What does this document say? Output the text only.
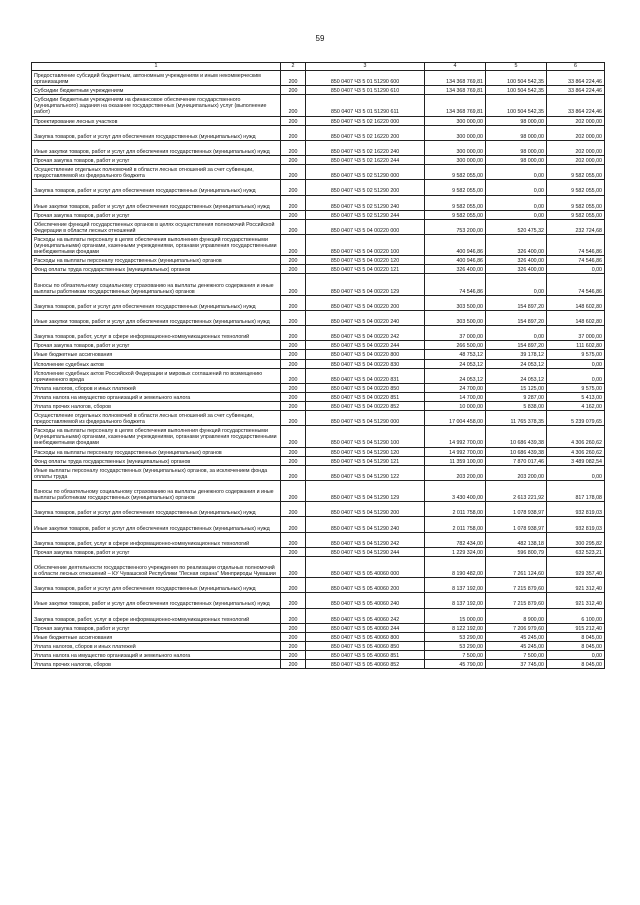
59
1	2	3	4	5	6
Предоставление субсидий бюджетным, автономным учреждениям и иным некоммерческим организациям	200	850 0407 Ч3 5 01 51290 600	134 368 769,81	100 504 542,35	33 864 224,46
Субсидии бюджетным учреждениям	200	850 0407 Ч3 5 01 51290 610	134 368 769,81	100 504 542,35	33 864 224,46
Субсидии бюджетным учреждениям на финансовое обеспечение государственного (муниципального) задания на оказание государственных (муниципальных) услуг (выполнение работ)	200	850 0407 Ч3 5 01 51290 611	134 368 769,81	100 504 542,35	33 864 224,46
Проектирование лесных участков	200	850 0407 Ч3 5 02 16220 000	300 000,00	98 000,00	202 000,00
Закупка товаров, работ и услуг для обеспечения государственных (муниципальных) нужд	200	850 0407 Ч3 5 02 16220 200	300 000,00	98 000,00	202 000,00
Иные закупки товаров, работ и услуг для обеспечения государственных (муниципальных) нужд	200	850 0407 Ч3 5 02 16220 240	300 000,00	98 000,00	202 000,00
Прочая закупка товаров, работ и услуг	200	850 0407 Ч3 5 02 16220 244	300 000,00	98 000,00	202 000,00
Осуществление отдельных полномочий в области лесных отношений за счет субвенции, предоставляемой из федерального бюджета	200	850 0407 Ч3 5 02 51290 000	9 582 055,00	0,00	9 582 055,00
Закупка товаров, работ и услуг для обеспечения государственных (муниципальных) нужд	200	850 0407 Ч3 5 02 51290 200	9 582 055,00	0,00	9 582 055,00
Иные закупки товаров, работ и услуг для обеспечения государственных (муниципальных) нужд	200	850 0407 Ч3 5 02 51290 240	9 582 055,00	0,00	9 582 055,00
Прочая закупка товаров, работ и услуг	200	850 0407 Ч3 5 02 51290 244	9 582 055,00	0,00	9 582 055,00
Обеспечение функций государственных органов в целях осуществления полномочий Российской Федерации в области лесных отношений	200	850 0407 Ч3 5 04 00220 000	753 200,00	520 475,32	232 724,68
Расходы на выплаты персоналу в целях обеспечения выполнения функций государственными (муниципальными) органами, казенными учреждениями, органами управления государственными внебюджетными фондами	200	850 0407 Ч3 5 04 00220 100	400 946,86	326 400,00	74 546,86
Расходы на выплаты персоналу государственных (муниципальных) органов	200	850 0407 Ч3 5 04 00220 120	400 946,86	326 400,00	74 546,86
Фонд оплаты труда государственных (муниципальных) органов	200	850 0407 Ч3 5 04 00220 121	326 400,00	326 400,00	0,00
Взносы по обязательному социальному страхованию на выплаты денежного содержания и иные выплаты работникам государственных (муниципальных) органов	200	850 0407 Ч3 5 04 00220 129	74 546,86	0,00	74 546,86
Закупка товаров, работ и услуг для обеспечения государственных (муниципальных) нужд	200	850 0407 Ч3 5 04 00220 200	303 500,00	154 897,20	148 602,80
Иные закупки товаров, работ и услуг для обеспечения государственных (муниципальных) нужд	200	850 0407 Ч3 5 04 00220 240	303 500,00	154 897,20	148 602,80
Закупка товаров, работ, услуг в сфере информационно-коммуникационных технологий	200	850 0407 Ч3 5 04 00220 242	37 000,00	0,00	37 000,00
Прочая закупка товаров, работ и услуг	200	850 0407 Ч3 5 04 00220 244	266 500,00	154 897,20	111 602,80
Иные бюджетные ассигнования	200	850 0407 Ч3 5 04 00220 800	48 753,12	39 178,12	9 575,00
Исполнение судебных актов	200	850 0407 Ч3 5 04 00220 830	24 053,12	24 053,12	0,00
Исполнение судебных актов Российской Федерации и мировых соглашений по возмещению причиненного вреда	200	850 0407 Ч3 5 04 00220 831	24 053,12	24 053,12	0,00
Уплата налогов, сборов и иных платежей	200	850 0407 Ч3 5 04 00220 850	24 700,00	15 125,00	9 575,00
Уплата налога на имущество организаций и земельного налога	200	850 0407 Ч3 5 04 00220 851	14 700,00	9 287,00	5 413,00
Уплата прочих налогов, сборов	200	850 0407 Ч3 5 04 00220 852	10 000,00	5 838,00	4 162,00
Осуществление отдельных полномочий в области лесных отношений за счет субвенции, предоставляемой из федерального бюджета	200	850 0407 Ч3 5 04 51290 000	17 004 458,00	11 765 378,35	5 239 079,65
Расходы на выплаты персоналу в целях обеспечения выполнения функций государственными (муниципальными) органами, казенными учреждениями, органами управления государственными внебюджетными фондами	200	850 0407 Ч3 5 04 51290 100	14 992 700,00	10 686 439,38	4 306 260,62
Расходы на выплаты персоналу государственных (муниципальных) органов	200	850 0407 Ч3 5 04 51290 120	14 992 700,00	10 686 439,38	4 306 260,62
Фонд оплаты труда государственных (муниципальных) органов	200	850 0407 Ч3 5 04 51290 121	11 359 100,00	7 870 017,46	3 489 082,54
Иные выплаты персоналу государственных (муниципальных) органов, за исключением фонда оплаты труда	200	850 0407 Ч3 5 04 51290 122	203 200,00	203 200,00	0,00
Взносы по обязательному социальному страхованию на выплаты денежного содержания и иные выплаты работникам государственных (муниципальных) органов	200	850 0407 Ч3 5 04 51290 129	3 430 400,00	2 613 221,92	817 178,08
Закупка товаров, работ и услуг для обеспечения государственных (муниципальных) нужд	200	850 0407 Ч3 5 04 51290 200	2 011 758,00	1 078 938,97	932 819,03
Иные закупки товаров, работ и услуг для обеспечения государственных (муниципальных) нужд	200	850 0407 Ч3 5 04 51290 240	2 011 758,00	1 078 938,97	932 819,03
Закупка товаров, работ, услуг в сфере информационно-коммуникационных технологий	200	850 0407 Ч3 5 04 51290 242	782 434,00	482 138,18	300 295,82
Прочая закупка товаров, работ и услуг	200	850 0407 Ч3 5 04 51290 244	1 229 324,00	596 800,79	632 523,21
Обеспечение деятельности государственного учреждения по реализации отдельных полномочий в области лесных отношений – КУ Чувашской Республики "Лесная охрана" Минприроды Чувашии	200	850 0407 Ч3 5 05 40060 000	8 190 482,00	7 261 124,60	929 357,40
Закупка товаров, работ и услуг для обеспечения государственных (муниципальных) нужд	200	850 0407 Ч3 5 05 40060 200	8 137 192,00	7 215 879,60	921 312,40
Иные закупки товаров, работ и услуг для обеспечения государственных (муниципальных) нужд	200	850 0407 Ч3 5 05 40060 240	8 137 192,00	7 215 879,60	921 312,40
Закупка товаров, работ, услуг в сфере информационно-коммуникационных технологий	200	850 0407 Ч3 5 05 40060 242	15 000,00	8 900,00	6 100,00
Прочая закупка товаров, работ и услуг	200	850 0407 Ч3 5 05 40060 244	8 122 192,00	7 206 979,60	915 212,40
Иные бюджетные ассигнования	200	850 0407 Ч3 5 05 40060 800	53 290,00	45 245,00	8 045,00
Уплата налогов, сборов и иных платежей	200	850 0407 Ч3 5 05 40060 850	53 290,00	45 245,00	8 045,00
Уплата налога на имущество организаций и земельного налога	200	850 0407 Ч3 5 05 40060 851	7 500,00	7 500,00	0,00
Уплата прочих налогов, сборов	200	850 0407 Ч3 5 05 40060 852	45 790,00	37 745,00	8 045,00
